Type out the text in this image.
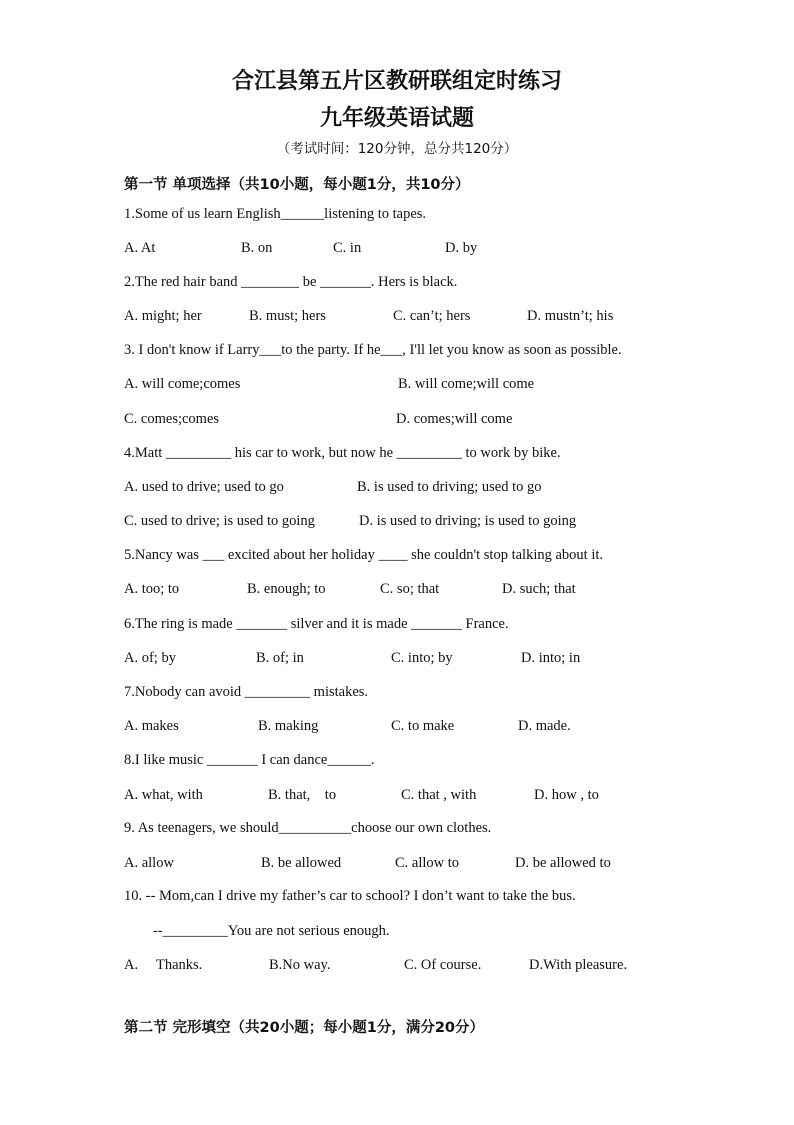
合江县第五片区教研联组定时练习
九年级英语试题
（考试时间：120分钟，总分共120分）
第一节 单项选择（共10小题，每小题1分，共10分）
1.Some of us learn English______listening to tapes.
A. At	B. on	C. in	D. by
2.The red hair band ________ be _______. Hers is black.
A. might; her	B. must; hers	C. can’t; hers	D. mustn’t; his
3. I don't know if Larry___to the party. If he___, I'll let you know as soon as possible.
A. will come;comes	B. will come;will come
C. comes;comes	D. comes;will come
4.Matt _________ his car to work, but now he _________ to work by bike.
A. used to drive; used to go	B. is used to driving; used to go
C. used to drive; is used to going	D. is used to driving; is used to going
5.Nancy was ___ excited about her holiday ____ she couldn't stop talking about it.
A. too; to	B. enough; to	C. so; that	D. such; that
6.The ring is made _______ silver and it is made _______ France.
A. of; by	B. of; in	C. into; by	D. into; in
7.Nobody can avoid _________ mistakes.
A. makes	B. making	C. to make	D. made.
8.I like music _______ I can dance______.
A. what, with	B. that,    to	C. that , with	D. how , to
9. As teenagers, we should__________choose our own clothes.
A. allow	B. be allowed	C. allow to	D. be allowed to
10. -- Mom,can I drive my father’s car to school? I don’t want to take the bus.
--_________You are not serious enough.
A.     Thanks.	B.No way.	C. Of course.	D.With pleasure.
第二节 完形填空（共20小题；每小题1分，满分20分）
